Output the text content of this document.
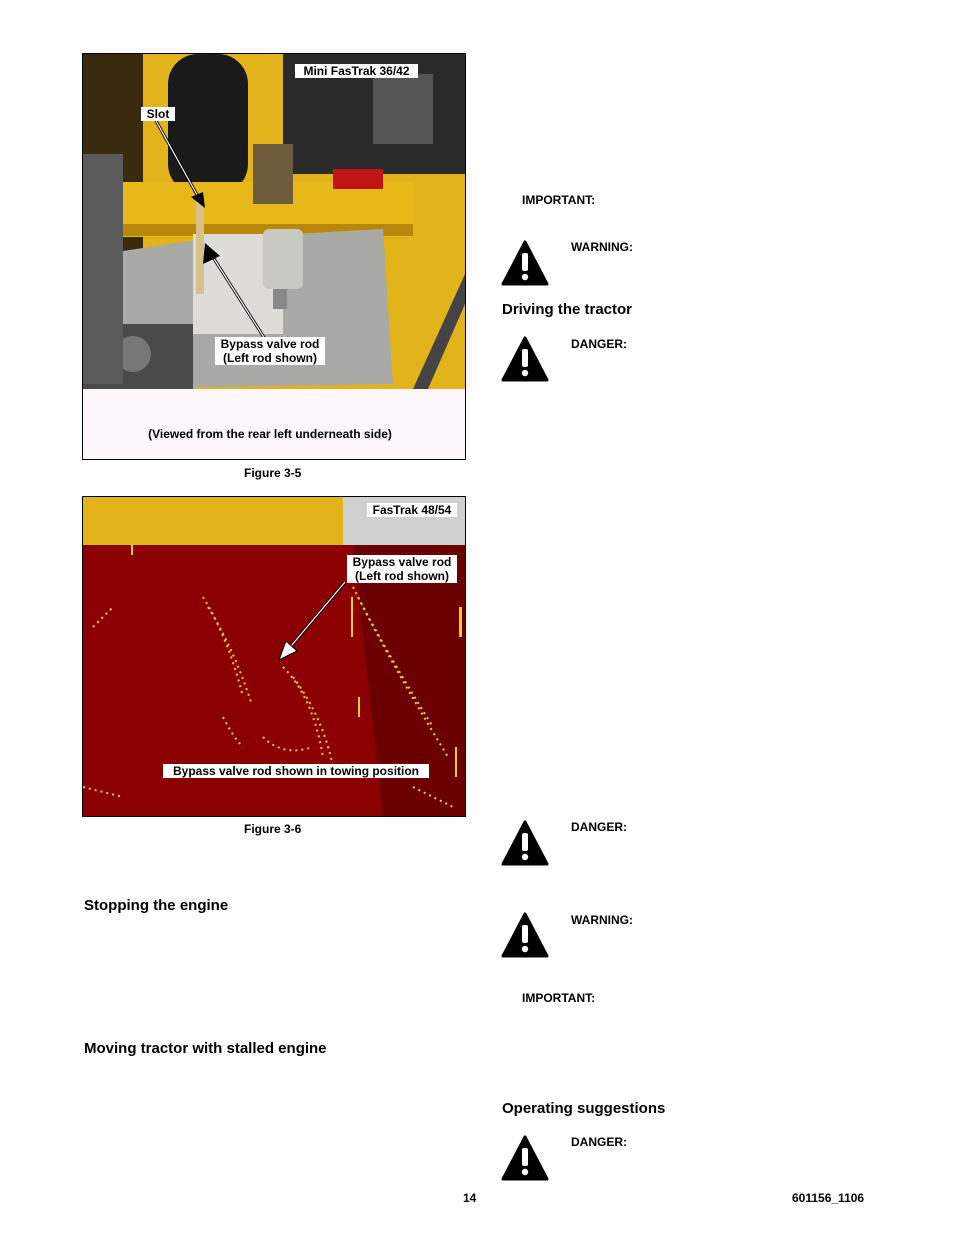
Mini FasTrak 36/42
Slot
Bypass valve rod
(Left rod shown)
(Viewed from the rear left underneath side)
Figure 3-5
FasTrak 48/54
Bypass valve rod
(Left rod shown)
Bypass valve rod shown in towing position
Figure 3-6
Stopping the engine
Moving tractor with stalled engine
IMPORTANT:
WARNING:
Driving the tractor
DANGER:
DANGER:
WARNING:
IMPORTANT:
Operating suggestions
DANGER:
14	601156_1106
